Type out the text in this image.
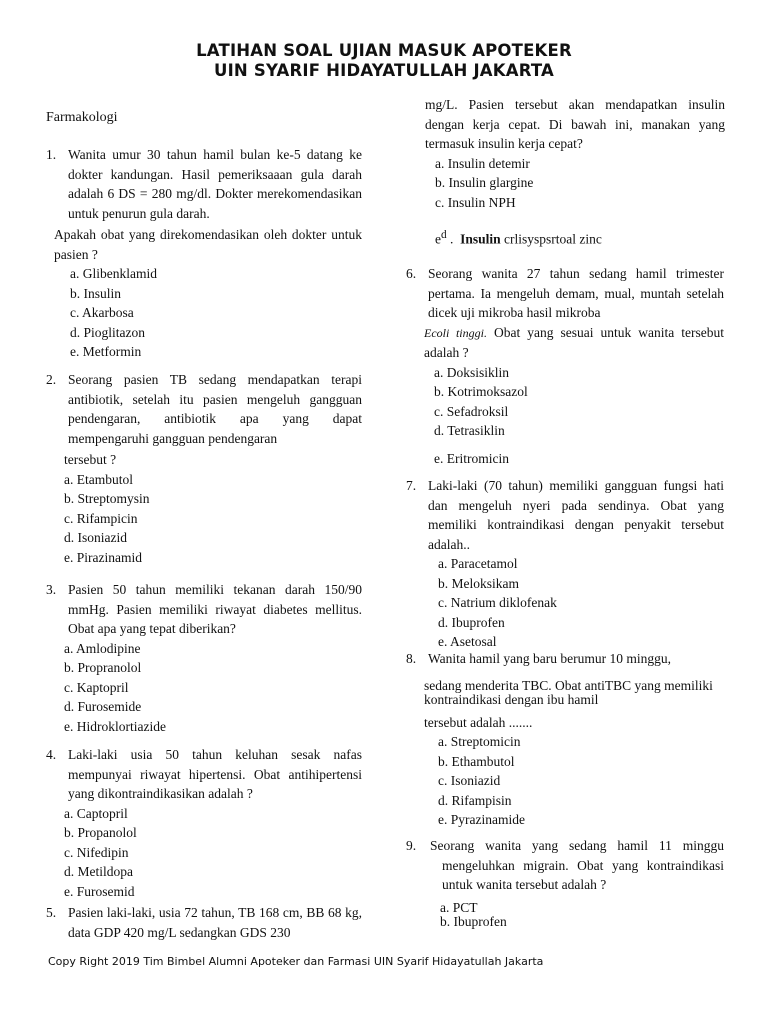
LATIHAN SOAL UJIAN MASUK APOTEKER
UIN SYARIF HIDAYATULLAH JAKARTA
Farmakologi
1. Wanita umur 30 tahun hamil bulan ke-5 datang ke dokter kandungan. Hasil pemeriksaaan gula darah adalah 6 DS = 280 mg/dl. Dokter merekomendasikan untuk penurun gula darah.
Apakah obat yang direkomendasikan oleh dokter untuk pasien ?
a. Glibenklamid
b. Insulin
c. Akarbosa
d. Pioglitazon
e. Metformin
2. Seorang pasien TB sedang mendapatkan terapi antibiotik, setelah itu pasien mengeluh gangguan pendengaran, antibiotik apa yang dapat mempengaruhi gangguan pendengaran
tersebut ?
a. Etambutol
b. Streptomysin
c. Rifampicin
d. Isoniazid
e. Pirazinamid
3. Pasien 50 tahun memiliki tekanan darah 150/90 mmHg. Pasien memiliki riwayat diabetes mellitus. Obat apa yang tepat diberikan?
a. Amlodipine
b. Propranolol
c. Kaptopril
d. Furosemide
e. Hidroklortiazide
4. Laki-laki usia 50 tahun keluhan sesak nafas mempunyai riwayat hipertensi. Obat antihipertensi yang dikontraindikasikan adalah ?
a. Captopril
b. Propanolol
c. Nifedipin
d. Metildopa
e. Furosemid
5. Pasien laki-laki, usia 72 tahun, TB 168 cm, BB 68 kg, data GDP 420 mg/L sedangkan GDS 230
mg/L. Pasien tersebut akan mendapatkan insulin dengan kerja cepat. Di bawah ini, manakan yang termasuk insulin kerja cepat?
a. Insulin detemir
b. Insulin glargine
c. Insulin NPH
$e^d$ .  Insulin crlisyspsrtoal zinc
6. Seorang wanita 27 tahun sedang hamil trimester pertama. Ia mengeluh demam, mual, muntah setelah dicek uji mikroba hasil mikroba
Ecoli tinggi. Obat yang sesuai untuk wanita tersebut adalah ?
a. Doksisiklin
b. Kotrimoksazol
c. Sefadroksil
d. Tetrasiklin
e. Eritromicin
7. Laki-laki (70 tahun) memiliki gangguan fungsi hati dan mengeluh nyeri pada sendinya. Obat yang memiliki kontraindikasi dengan penyakit tersebut adalah..
a. Paracetamol
b. Meloksikam
c. Natrium diklofenak
d. Ibuprofen
e. Asetosal
8. Wanita hamil yang baru berumur 10 minggu,
sedang menderita TBC. Obat antiTBC yang memiliki kontraindikasi dengan ibu hamil
tersebut adalah .......
a. Streptomicin
b. Ethambutol
c. Isoniazid
d. Rifampisin
e. Pyrazinamide
9.	Seorang wanita yang sedang hamil 11 minggu mengeluhkan migrain. Obat yang kontraindikasi untuk wanita tersebut adalah ?
a. PCT
b. Ibuprofen
Copy Right 2019 Tim Bimbel Alumni Apoteker dan Farmasi UIN Syarif Hidayatullah Jakarta
